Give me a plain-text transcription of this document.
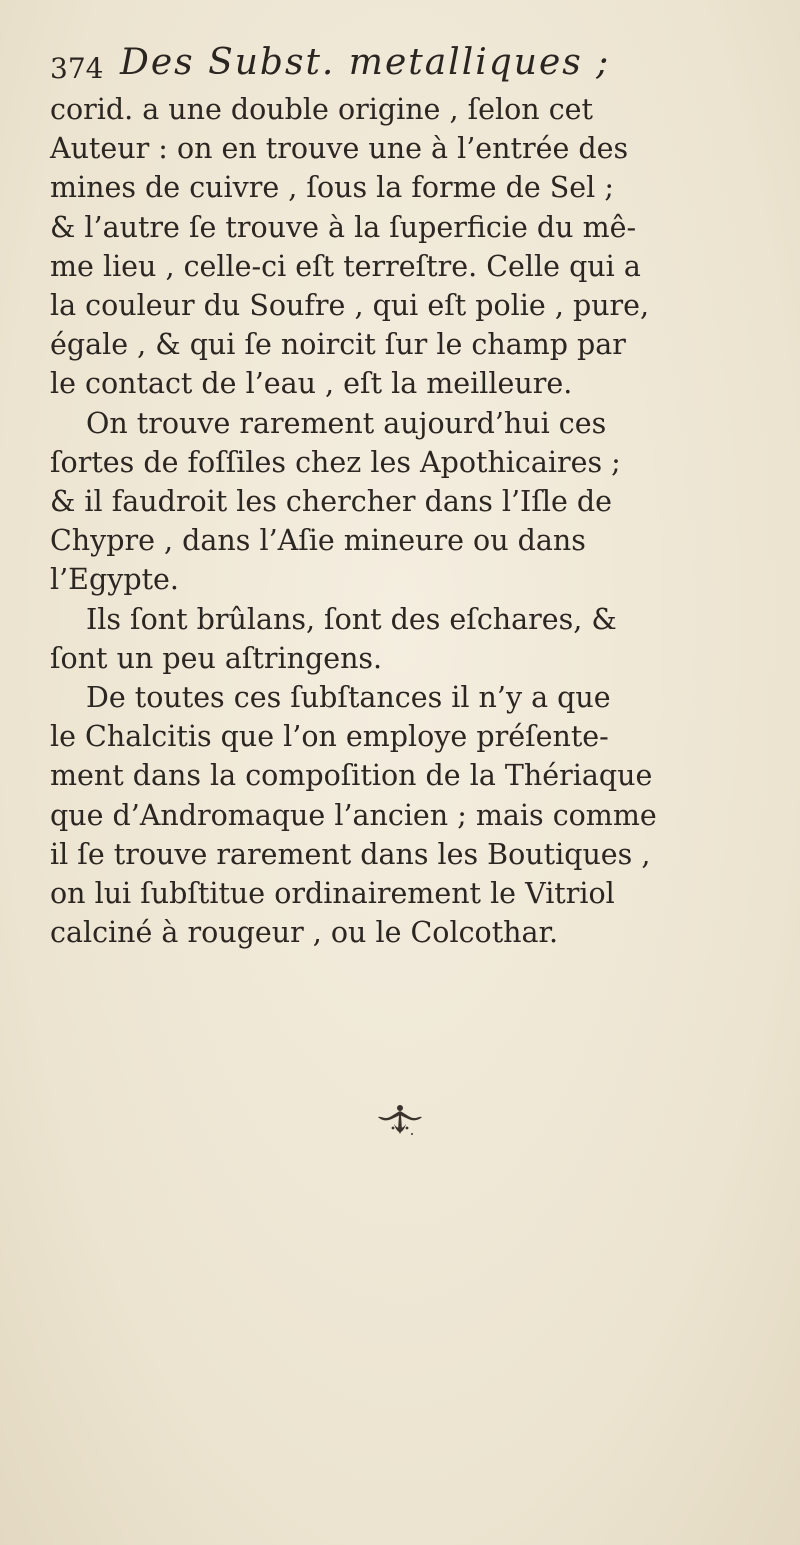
374 Des Subst. metalliques ;
corid. a une double origine , ſelon cet
Auteur : on en trouve une à l’entrée des
mines de cuivre , ſous la forme de Sel ;
& l’autre ſe trouve à la ſuperficie du mê-
me lieu , celle-ci eſt terreſtre. Celle qui a
la couleur du Soufre , qui eſt polie , pure,
égale , & qui ſe noircit ſur le champ par
le contact de l’eau , eſt la meilleure.
On trouve rarement aujourd’hui ces
ſortes de foſſiles chez les Apothicaires ;
& il faudroit les chercher dans l’Iſle de
Chypre , dans l’Aſie mineure ou dans
l’Egypte.
Ils ſont brûlans, ſont des eſchares, &
ſont un peu aſtringens.
De toutes ces ſubſtances il n’y a que
le Chalcitis que l’on employe préſente-
ment dans la compoſition de la Thériaque
que d’Andromaque l’ancien ; mais comme
il ſe trouve rarement dans les Boutiques ,
on lui ſubſtitue ordinairement le Vitriol
calciné à rougeur , ou le Colcothar.
